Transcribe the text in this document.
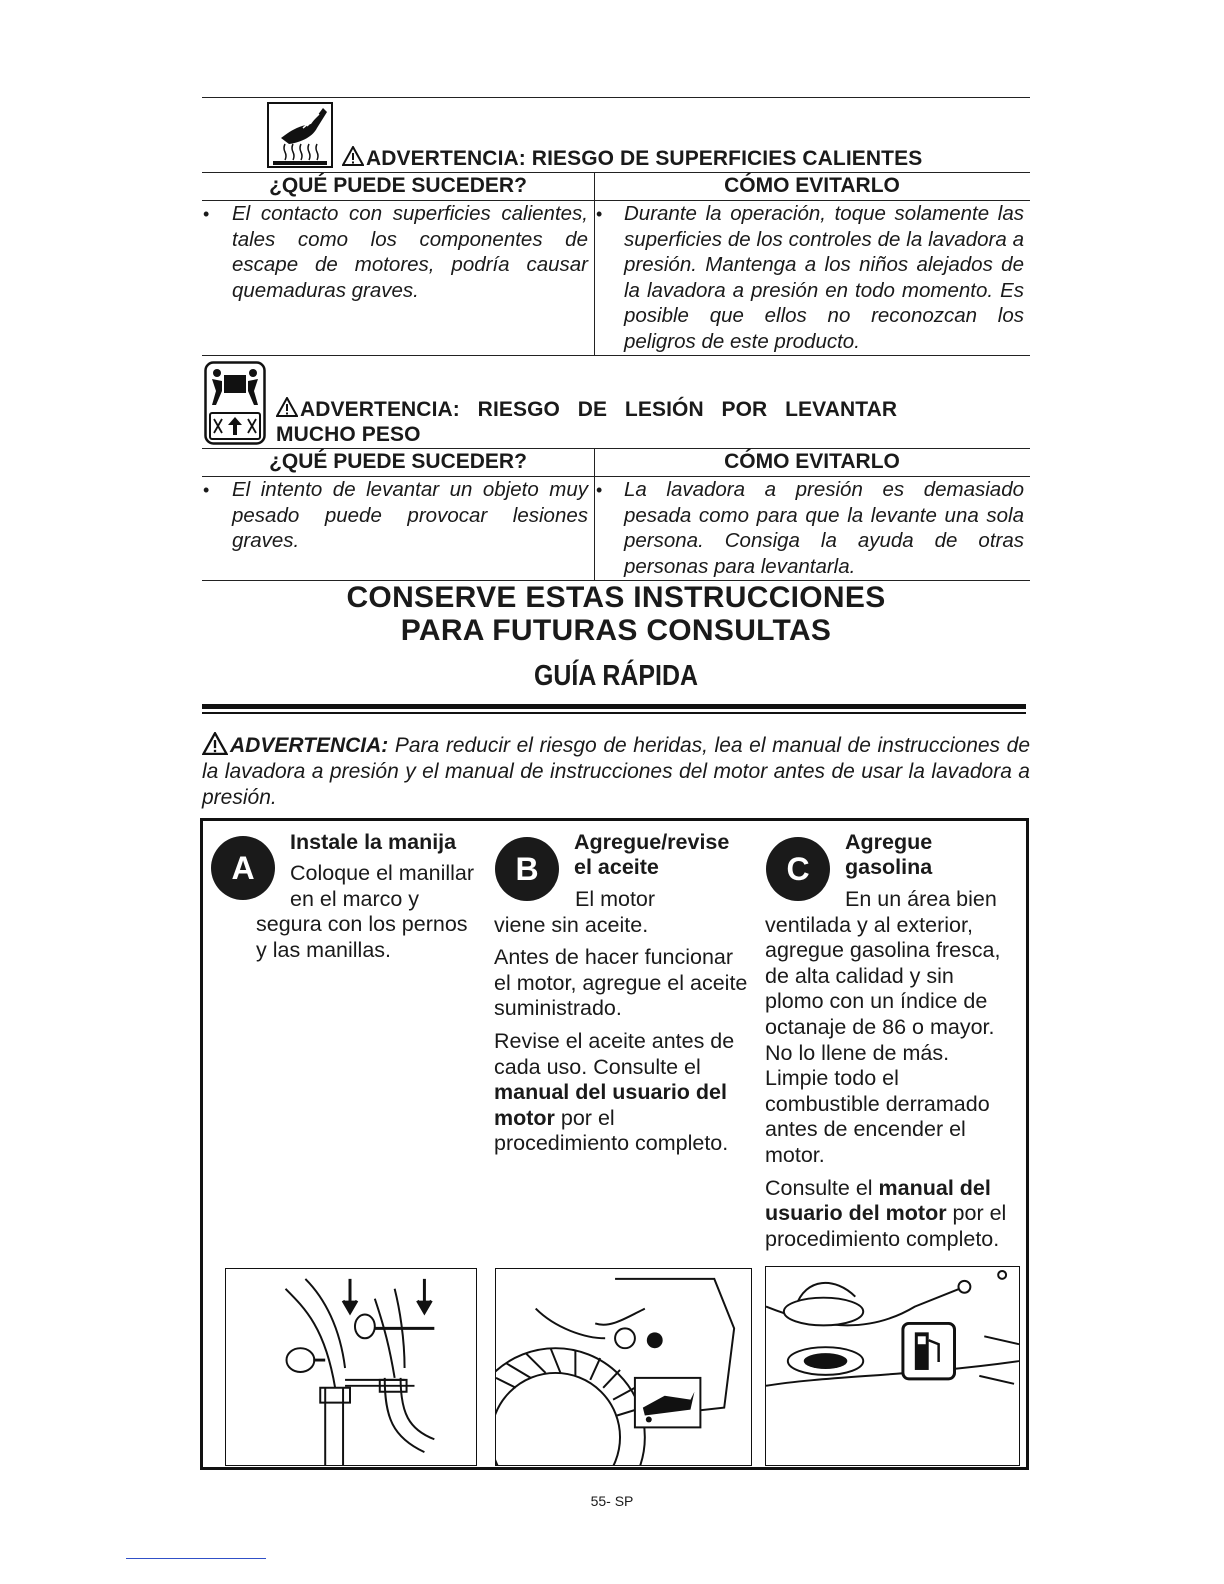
ADVERTENCIA: RIESGO DE SUPERFICIES CALIENTES
¿QUÉ PUEDE SUCEDER?	CÓMO EVITARLO
• El contacto con superficies calientes, tales como los componentes de escape de motores, podría causar quemaduras graves.
• Durante la operación, toque solamente las superficies de los controles de la lavadora a presión. Mantenga a los niños alejados de la lavadora a presión en todo momento. Es posible que ellos no reconozcan los peligros de este producto.
ADVERTENCIA:   RIESGO   DE   LESIÓN   POR   LEVANTAR
MUCHO PESO
¿QUÉ PUEDE SUCEDER?	CÓMO EVITARLO
• El intento de levantar un objeto muy pesado puede provocar lesiones graves.
• La lavadora a presión es demasiado pesada como para que la levante una sola persona. Consiga la ayuda de otras personas para levantarla.
CONSERVE ESTAS INSTRUCCIONES
PARA FUTURAS CONSULTAS
GUÍA RÁPIDA
ADVERTENCIA: Para reducir el riesgo de heridas, lea el manual de instrucciones de la lavadora a presión y el manual de instrucciones del motor antes de usar la lavadora a presión.
A
Instale la manija
Coloque el manillar
en el marco y
segura con los pernos
y las manillas.
B
Agregue/revise
el aceite
El motor
viene sin aceite.
Antes de hacer funcionar el motor, agregue el aceite suministrado.
Revise el aceite antes de cada uso. Consulte el manual del usuario del motor por el procedimiento completo.
C
Agregue
gasolina
En un área bien
ventilada y al exterior, agregue gasolina fresca, de alta calidad y sin plomo con un índice de octanaje de 86 o mayor. No lo llene de más. Limpie todo el combustible derramado antes de encender el motor.
Consulte el manual del usuario del motor por el procedimiento completo.
55- SP
